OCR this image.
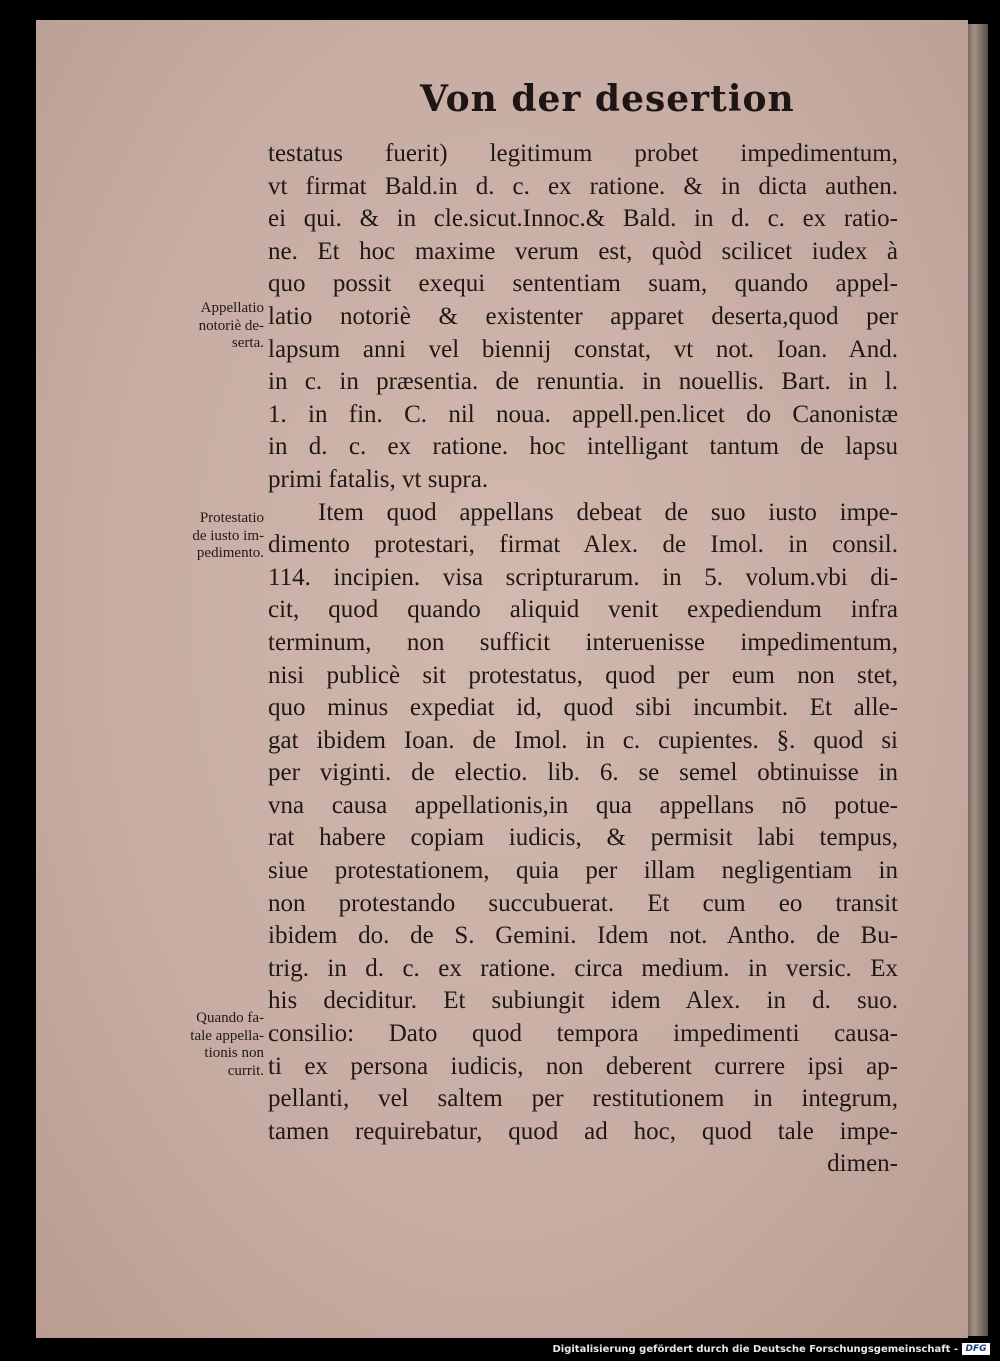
Von der desertion
testatus fuerit) legitimum probet impedimentum,
vt firmat Bald.in d. c. ex ratione. & in dicta authen.
ei qui. & in cle.sicut.Innoc.& Bald. in d. c. ex ratio-
ne. Et hoc maxime verum est, quòd scilicet iudex à
quo possit exequi sententiam suam, quando appel-
latio notoriè & existenter apparet deserta,quod per
lapsum anni vel biennij constat, vt not. Ioan. And.
in c. in præsentia. de renuntia. in nouellis. Bart. in l.
1. in fin. C. nil noua. appell.pen.licet do Canonistæ
in d. c. ex ratione. hoc intelligant tantum de lapsu
primi fatalis, vt supra.
Item quod appellans debeat de suo iusto impe-
dimento protestari, firmat Alex. de Imol. in consil.
114. incipien. visa scripturarum. in 5. volum.vbi di-
cit, quod quando aliquid venit expediendum infra
terminum, non sufficit interuenisse impedimentum,
nisi publicè sit protestatus, quod per eum non stet,
quo minus expediat id, quod sibi incumbit. Et alle-
gat ibidem Ioan. de Imol. in c. cupientes. §. quod si
per viginti. de electio. lib. 6. se semel obtinuisse in
vna causa appellationis,in qua appellans nō potue-
rat habere copiam iudicis, & permisit labi tempus,
siue protestationem, quia per illam negligentiam in
non protestando succubuerat. Et cum eo transit
ibidem do. de S. Gemini. Idem not. Antho. de Bu-
trig. in d. c. ex ratione. circa medium. in versic. Ex
his deciditur. Et subiungit idem Alex. in d. suo.
consilio: Dato quod tempora impedimenti causa-
ti ex persona iudicis, non deberent currere ipsi ap-
pellanti, vel saltem per restitutionem in integrum,
tamen requirebatur, quod ad hoc, quod tale impe-
dimen-
Appellatio
notoriè de-
serta.
Protestatio
de iusto im-
pedimento.
Quando fa-
tale appella-
tionis non
currit.
Digitalisierung gefördert durch die Deutsche Forschungsgemeinschaft - DFG
